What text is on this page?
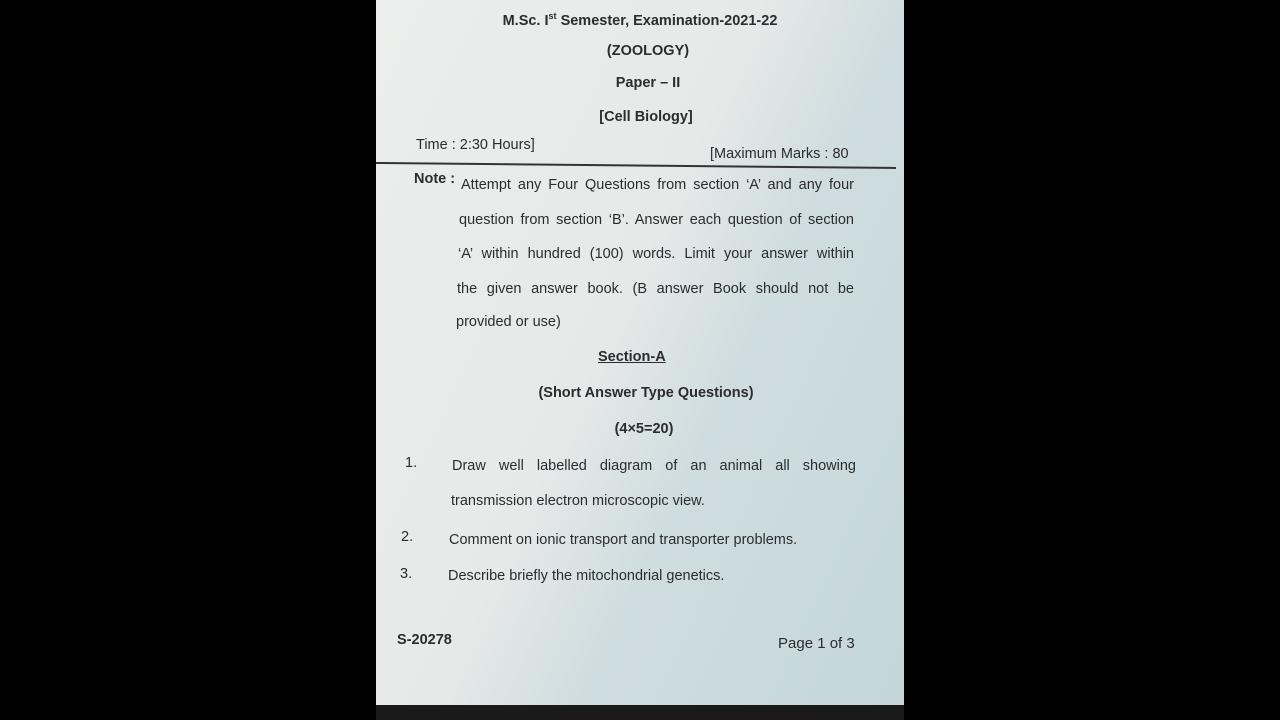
M.Sc. Ist Semester, Examination-2021-22
(ZOOLOGY)
Paper – II
[Cell Biology]
Time : 2:30 Hours]
[Maximum Marks : 80
Note : Attempt any Four Questions from section ‘A’ and any four
question from section ‘B’. Answer each question of section
‘A’ within hundred (100) words. Limit your answer within
the given answer book. (B answer Book should not be
provided or use)
Section-A
(Short Answer Type Questions)
(4×5=20)
1. Draw well labelled diagram of an animal all showing
transmission electron microscopic view.
2. Comment on ionic transport and transporter problems.
3. Describe briefly the mitochondrial genetics.
S-20278	Page 1 of 3
